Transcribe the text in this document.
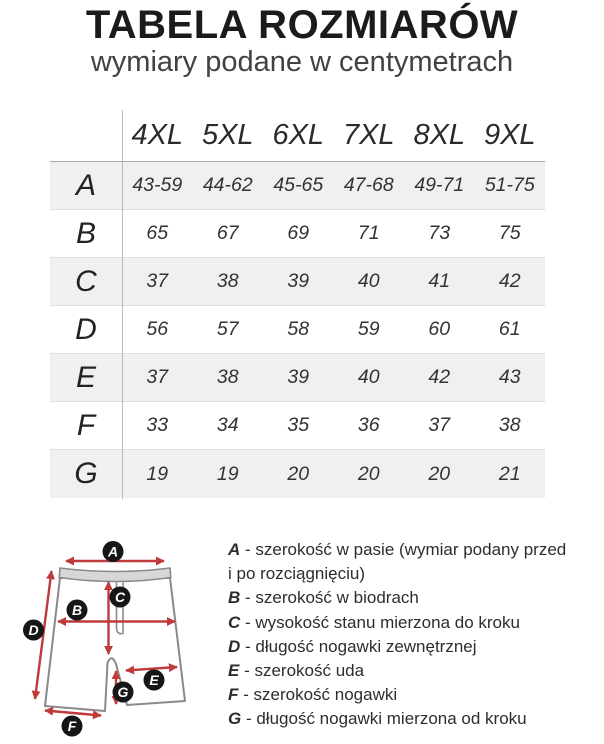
TABELA ROZMIARÓW
wymiary podane w centymetrach
4XL 5XL 6XL 7XL 8XL 9XL
A	43-59	44-62	45-65	47-68	49-71	51-75
B	65	67	69	71	73	75
C	37	38	39	40	41	42
D	56	57	58	59	60	61
E	37	38	39	40	42	43
F	33	34	35	36	37	38
G	19	19	20	20	20	21
A
B
C
D
E
F
G
A - szerokość w pasie (wymiar podany przed
i po rozciągnięciu)
B - szerokość w biodrach
C - wysokość stanu mierzona do kroku
D - długość nogawki zewnętrznej
E - szerokość uda
F - szerokość nogawki
G - długość nogawki mierzona od kroku
